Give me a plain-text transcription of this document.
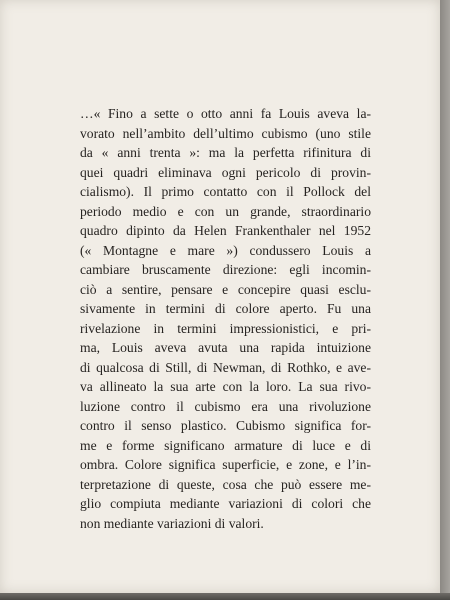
…« Fino a sette o otto anni fa Louis aveva la-
vorato nell’ambito dell’ultimo cubismo (uno stile
da « anni trenta »: ma la perfetta rifinitura di
quei quadri eliminava ogni pericolo di provin-
cialismo). Il primo contatto con il Pollock del
periodo medio e con un grande, straordinario
quadro dipinto da Helen Frankenthaler nel 1952
(« Montagne e mare ») condussero Louis a
cambiare bruscamente direzione: egli incomin-
ciò a sentire, pensare e concepire quasi esclu-
sivamente in termini di colore aperto. Fu una
rivelazione in termini impressionistici, e pri-
ma, Louis aveva avuta una rapida intuizione
di qualcosa di Still, di Newman, di Rothko, e ave-
va allineato la sua arte con la loro. La sua rivo-
luzione contro il cubismo era una rivoluzione
contro il senso plastico. Cubismo significa for-
me e forme significano armature di luce e di
ombra. Colore significa superficie, e zone, e l’in-
terpretazione di queste, cosa che può essere me-
glio compiuta mediante variazioni di colori che
non mediante variazioni di valori.
